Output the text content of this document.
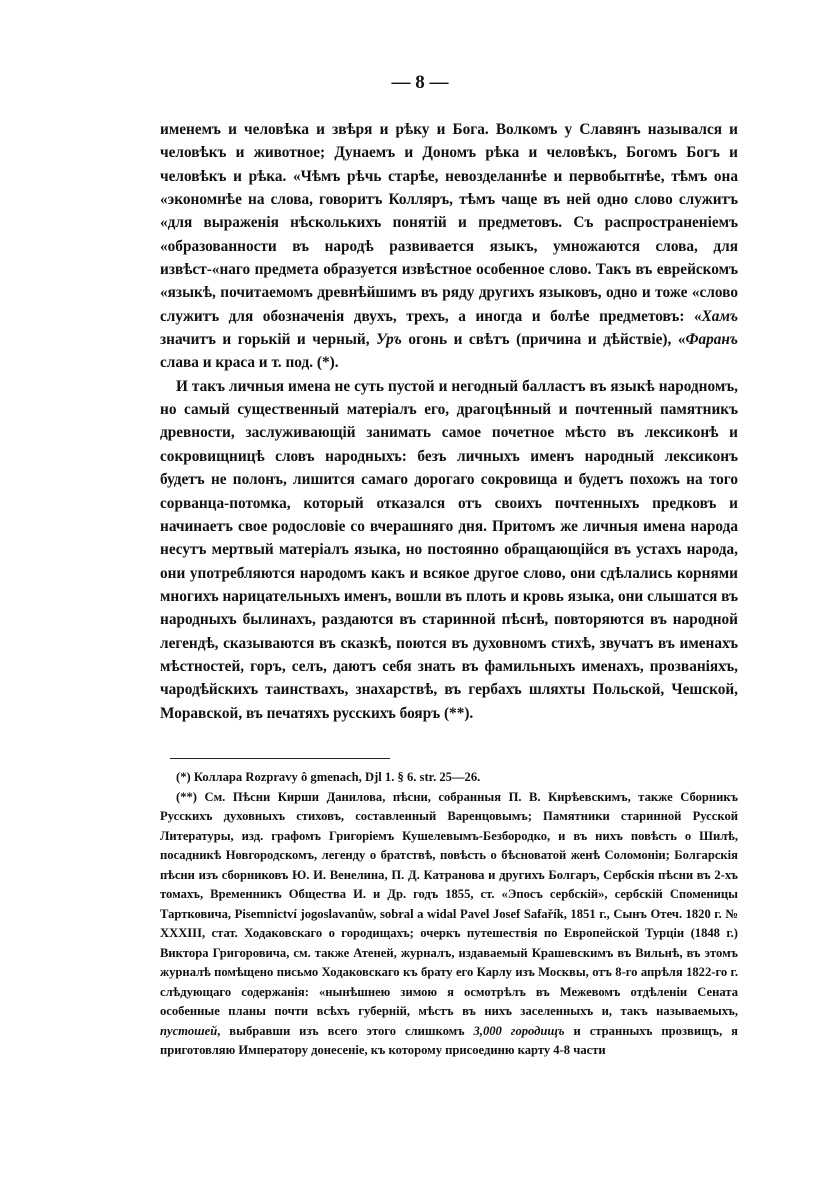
— 8 —

именемъ и человѣка и звѣря и рѣку и Бога. Волкомъ у Славянъ назывался и человѣкъ и животное; Дунаемъ и Дономъ рѣка и человѣкъ, Богомъ Богъ и человѣкъ и рѣка. «Чѣмъ рѣчь старѣе, невозделаннѣе и первобытнѣе, тѣмъ она «экономнѣе на слова, говоритъ Колляръ, тѣмъ чаще въ ней одно слово служитъ «для выраженія нѣсколькихъ понятій и предметовъ. Съ распространеніемъ «образованности въ народѣ развивается языкъ, умножаются слова, для извѣст-«наго предмета образуется извѣстное особенное слово. Такъ въ еврейскомъ «языкѣ, почитаемомъ древнѣйшимъ въ ряду другихъ языковъ, одно и тоже «слово служитъ для обозначенія двухъ, трехъ, а иногда и болѣе предметовъ: «Хамъ значитъ и горькій и черный, Уръ огонь и свѣтъ (причина и дѣйствіе), «Фаранъ слава и краса и т. под. (*).

И такъ личныя имена не суть пустой и негодный балластъ въ языкѣ народномъ, но самый существенный матеріалъ его, драгоцѣнный и почтенный памятникъ древности, заслуживающій занимать самое почетное мѣсто въ лексиконѣ и сокровищницѣ словъ народныхъ: безъ личныхъ именъ народный лексиконъ будетъ не полонъ, лишится самаго дорогаго сокровища и будетъ похожъ на того сорванца-потомка, который отказался отъ своихъ почтенныхъ предковъ и начинаетъ свое родословіе со вчерашняго дня. Притомъ же личныя имена народа несутъ мертвый матеріалъ языка, но постоянно обращающійся въ устахъ народа, они употребляются народомъ какъ и всякое другое слово, они сдѣлались корнями многихъ нарицательныхъ именъ, вошли въ плоть и кровь языка, они слышатся въ народныхъ былинахъ, раздаются въ старинной пѣснѣ, повторяются въ народной легендѣ, сказываются въ сказкѣ, поются въ духовномъ стихѣ, звучатъ въ именахъ мѣстностей, горъ, селъ, даютъ себя знать въ фамильныхъ именахъ, прозваніяхъ, чародѣйскихъ таинствахъ, знахарствѣ, въ гербахъ шляхты Польской, Чешской, Моравской, въ печатяхъ русскихъ бояръ (**).

(*) Коллара Rozpravy ô gmenach, Djl 1. § 6. str. 25—26.

(**) См. Пѣсни Кирши Данилова, пѣсни, собранныя П. В. Кирѣевскимъ, также Сборникъ Русскихъ духовныхъ стиховъ, составленный Варенцовымъ; Памятники старинной Русской Литературы, изд. графомъ Григоріемъ Кушелевымъ-Безбородко, и въ нихъ повѣсть о Шилѣ, посадникѣ Новгородскомъ, легенду о братствѣ, повѣсть о бѣсноватой женѣ Соломоніи; Болгарскія пѣсни изъ сборниковъ Ю. И. Венелина, П. Д. Катранова и другихъ Болгаръ, Сербскія пѣсни въ 2-хъ томахъ, Временникъ Общества И. и Др. годъ 1855, ст. «Эпосъ сербскій», сербскій Споменицы Тартковича, Pisemnictví jogoslavanůw, sobral a widal Pavel Josef Safařík, 1851 г., Сынъ Отеч. 1820 г. № XXXIII, стат. Ходаковскаго о городищахъ; очеркъ путешествія по Европейской Турціи (1848 г.) Виктора Григоровича, см. также Атеней, журналъ, издаваемый Крашевскимъ въ Вильнѣ, въ этомъ журналѣ помѣщено письмо Ходаковскаго къ брату его Карлу изъ Москвы, отъ 8-го апрѣля 1822-го г. слѣдующаго содержанія: «нынѣшнею зимою я осмотрѣлъ въ Межевомъ отдѣленіи Сената особенные планы почти всѣхъ губерній, мѣстъ въ нихъ заселенныхъ и, такъ называемыхъ, пустошей, выбравши изъ всего этого слишкомъ 3,000 городищъ и странныхъ прозвищъ, я приготовляю Императору донесеніе, къ которому присоединю карту 4-8 части
